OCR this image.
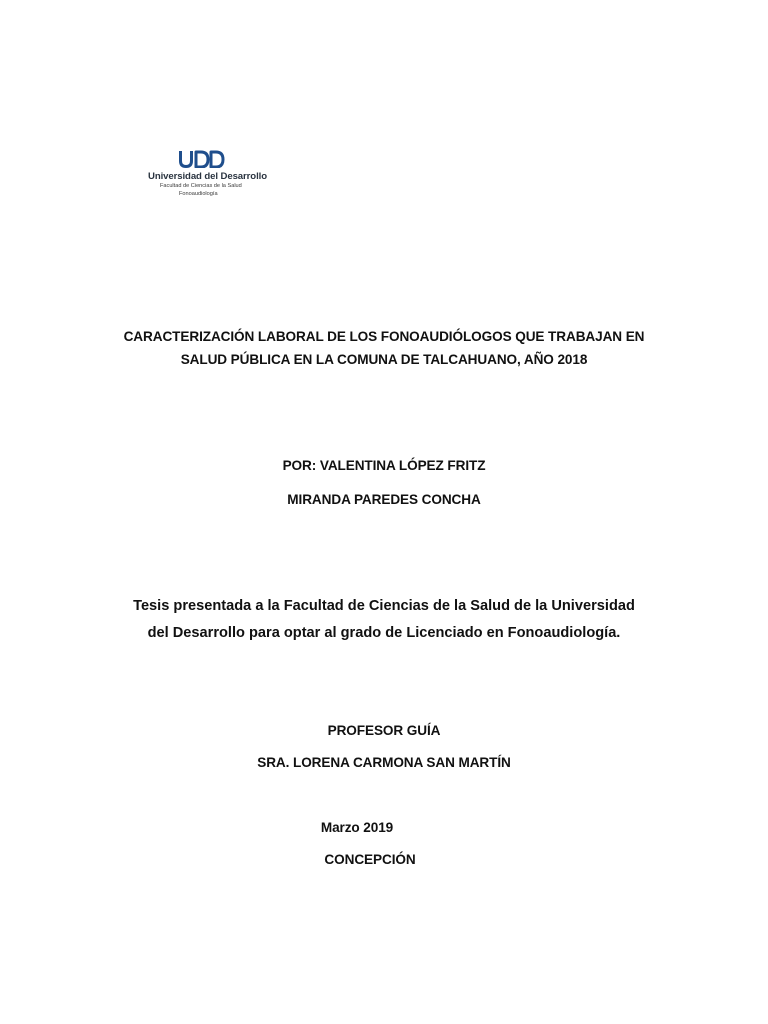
Universidad del Desarrollo
Facultad de Ciencias de la Salud
Fonoaudiología
CARACTERIZACIÓN LABORAL DE LOS FONOAUDIÓLOGOS QUE TRABAJAN EN
SALUD PÚBLICA EN LA COMUNA DE TALCAHUANO, AÑO 2018
POR: VALENTINA LÓPEZ FRITZ
MIRANDA PAREDES CONCHA
Tesis presentada a la Facultad de Ciencias de la Salud de la Universidad
del Desarrollo para optar al grado de Licenciado en Fonoaudiología.
PROFESOR GUÍA
SRA. LORENA CARMONA SAN MARTÍN
Marzo 2019
CONCEPCIÓN
